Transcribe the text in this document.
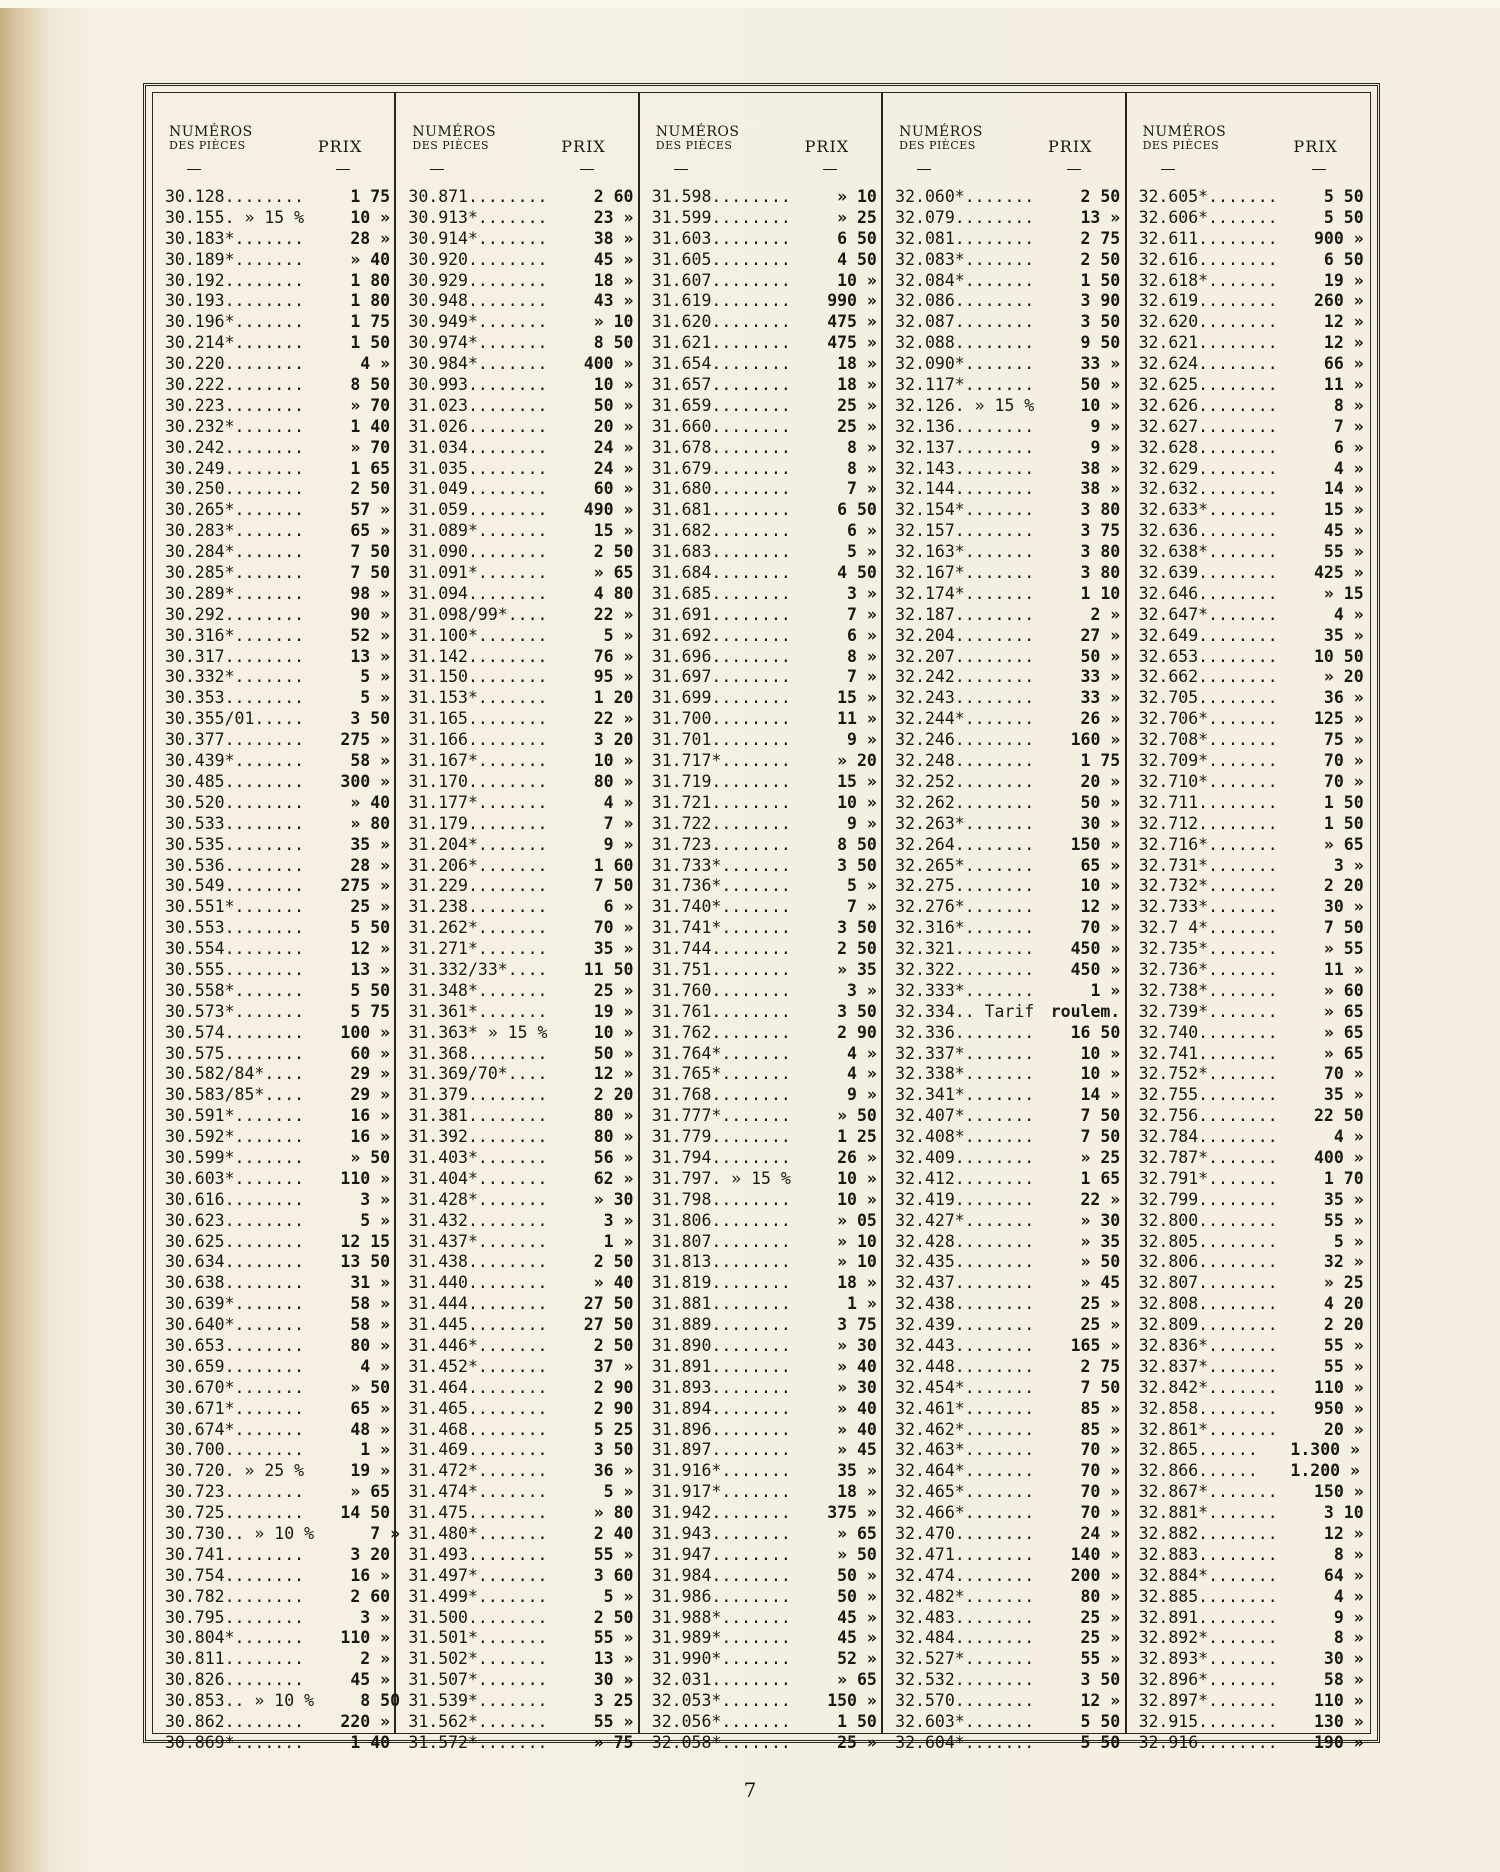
NUMÉROS
DES PIÈCES	PRIX
30.128........	1 75
30.155. » 15 %	10 »
30.183*.......	28 »
30.189*.......	» 40
30.192........	1 80
30.193........	1 80
30.196*.......	1 75
30.214*.......	1 50
30.220........	4 »
30.222........	8 50
30.223........	» 70
30.232*.......	1 40
30.242........	» 70
30.249........	1 65
30.250........	2 50
30.265*.......	57 »
30.283*.......	65 »
30.284*.......	7 50
30.285*.......	7 50
30.289*.......	98 »
30.292........	90 »
30.316*.......	52 »
30.317........	13 »
30.332*.......	5 »
30.353........	5 »
30.355/01.....	3 50
30.377........	275 »
30.439*.......	58 »
30.485........	300 »
30.520........	» 40
30.533........	» 80
30.535........	35 »
30.536........	28 »
30.549........	275 »
30.551*.......	25 »
30.553........	5 50
30.554........	12 »
30.555........	13 »
30.558*.......	5 50
30.573*.......	5 75
30.574........	100 »
30.575........	60 »
30.582/84*....	29 »
30.583/85*....	29 »
30.591*.......	16 »
30.592*.......	16 »
30.599*.......	» 50
30.603*.......	110 »
30.616........	3 »
30.623........	5 »
30.625........	12 15
30.634........	13 50
30.638........	31 »
30.639*.......	58 »
30.640*.......	58 »
30.653........	80 »
30.659........	4 »
30.670*.......	» 50
30.671*.......	65 »
30.674*.......	48 »
30.700........	1 »
30.720. » 25 %	19 »
30.723........	» 65
30.725........	14 50
30.730.. » 10 %	7 »
30.741........	3 20
30.754........	16 »
30.782........	2 60
30.795........	3 »
30.804*.......	110 »
30.811........	2 »
30.826........	45 »
30.853.. » 10 %	8 50
30.862........	220 »
30.869*.......	1 40
NUMÉROS
DES PIÈCES	PRIX
30.871........	2 60
30.913*.......	23 »
30.914*.......	38 »
30.920........	45 »
30.929........	18 »
30.948........	43 »
30.949*.......	» 10
30.974*.......	8 50
30.984*.......	400 »
30.993........	10 »
31.023........	50 »
31.026........	20 »
31.034........	24 »
31.035........	24 »
31.049........	60 »
31.059........	490 »
31.089*.......	15 »
31.090........	2 50
31.091*.......	» 65
31.094........	4 80
31.098/99*....	22 »
31.100*.......	5 »
31.142........	76 »
31.150........	95 »
31.153*.......	1 20
31.165........	22 »
31.166........	3 20
31.167*.......	10 »
31.170........	80 »
31.177*.......	4 »
31.179........	7 »
31.204*.......	9 »
31.206*.......	1 60
31.229........	7 50
31.238........	6 »
31.262*.......	70 »
31.271*.......	35 »
31.332/33*....	11 50
31.348*.......	25 »
31.361*.......	19 »
31.363* » 15 %	10 »
31.368........	50 »
31.369/70*....	12 »
31.379........	2 20
31.381........	80 »
31.392........	80 »
31.403*.......	56 »
31.404*.......	62 »
31.428*.......	» 30
31.432........	3 »
31.437*.......	1 »
31.438........	2 50
31.440........	» 40
31.444........	27 50
31.445........	27 50
31.446*.......	2 50
31.452*.......	37 »
31.464........	2 90
31.465........	2 90
31.468........	5 25
31.469........	3 50
31.472*.......	36 »
31.474*.......	5 »
31.475........	» 80
31.480*.......	2 40
31.493........	55 »
31.497*.......	3 60
31.499*.......	5 »
31.500........	2 50
31.501*.......	55 »
31.502*.......	13 »
31.507*.......	30 »
31.539*.......	3 25
31.562*.......	55 »
31.572*.......	» 75
NUMÉROS
DES PIÈCES	PRIX
31.598........	» 10
31.599........	» 25
31.603........	6 50
31.605........	4 50
31.607........	10 »
31.619........	990 »
31.620........	475 »
31.621........	475 »
31.654........	18 »
31.657........	18 »
31.659........	25 »
31.660........	25 »
31.678........	8 »
31.679........	8 »
31.680........	7 »
31.681........	6 50
31.682........	6 »
31.683........	5 »
31.684........	4 50
31.685........	3 »
31.691........	7 »
31.692........	6 »
31.696........	8 »
31.697........	7 »
31.699........	15 »
31.700........	11 »
31.701........	9 »
31.717*.......	» 20
31.719........	15 »
31.721........	10 »
31.722........	9 »
31.723........	8 50
31.733*.......	3 50
31.736*.......	5 »
31.740*.......	7 »
31.741*.......	3 50
31.744........	2 50
31.751........	» 35
31.760........	3 »
31.761........	3 50
31.762........	2 90
31.764*.......	4 »
31.765*.......	4 »
31.768........	9 »
31.777*.......	» 50
31.779........	1 25
31.794........	26 »
31.797. » 15 %	10 »
31.798........	10 »
31.806........	» 05
31.807........	» 10
31.813........	» 10
31.819........	18 »
31.881........	1 »
31.889........	3 75
31.890........	» 30
31.891........	» 40
31.893........	» 30
31.894........	» 40
31.896........	» 40
31.897........	» 45
31.916*.......	35 »
31.917*.......	18 »
31.942........	375 »
31.943........	» 65
31.947........	» 50
31.984........	50 »
31.986........	50 »
31.988*.......	45 »
31.989*.......	45 »
31.990*.......	52 »
32.031........	» 65
32.053*.......	150 »
32.056*.......	1 50
32.058*.......	25 »
NUMÉROS
DES PIÈCES	PRIX
32.060*.......	2 50
32.079........	13 »
32.081........	2 75
32.083*.......	2 50
32.084*.......	1 50
32.086........	3 90
32.087........	3 50
32.088........	9 50
32.090*.......	33 »
32.117*.......	50 »
32.126. » 15 %	10 »
32.136........	9 »
32.137........	9 »
32.143........	38 »
32.144........	38 »
32.154*.......	3 80
32.157........	3 75
32.163*.......	3 80
32.167*.......	3 80
32.174*.......	1 10
32.187........	2 »
32.204........	27 »
32.207........	50 »
32.242........	33 »
32.243........	33 »
32.244*.......	26 »
32.246........	160 »
32.248........	1 75
32.252........	20 »
32.262........	50 »
32.263*.......	30 »
32.264........	150 »
32.265*.......	65 »
32.275........	10 »
32.276*.......	12 »
32.316*.......	70 »
32.321........	450 »
32.322........	450 »
32.333*.......	1 »
32.334.. Tarif roulem.
32.336........	16 50
32.337*.......	10 »
32.338*.......	10 »
32.341*.......	14 »
32.407*.......	7 50
32.408*.......	7 50
32.409........	» 25
32.412........	1 65
32.419........	22 »
32.427*.......	» 30
32.428........	» 35
32.435........	» 50
32.437........	» 45
32.438........	25 »
32.439........	25 »
32.443........	165 »
32.448........	2 75
32.454*.......	7 50
32.461*.......	85 »
32.462*.......	85 »
32.463*.......	70 »
32.464*.......	70 »
32.465*.......	70 »
32.466*.......	70 »
32.470........	24 »
32.471........	140 »
32.474........	200 »
32.482*.......	80 »
32.483........	25 »
32.484........	25 »
32.527*.......	55 »
32.532........	3 50
32.570........	12 »
32.603*.......	5 50
32.604*.......	5 50
NUMÉROS
DES PIÈCES	PRIX
32.605*.......	5 50
32.606*.......	5 50
32.611........	900 »
32.616........	6 50
32.618*.......	19 »
32.619........	260 »
32.620........	12 »
32.621........	12 »
32.624........	66 »
32.625........	11 »
32.626........	8 »
32.627........	7 »
32.628........	6 »
32.629........	4 »
32.632........	14 »
32.633*.......	15 »
32.636........	45 »
32.638*.......	55 »
32.639........	425 »
32.646........	» 15
32.647*.......	4 »
32.649........	35 »
32.653........	10 50
32.662........	» 20
32.705........	36 »
32.706*.......	125 »
32.708*.......	75 »
32.709*.......	70 »
32.710*.......	70 »
32.711........	1 50
32.712........	1 50
32.716*.......	» 65
32.731*.......	3 »
32.732*.......	2 20
32.733*.......	30 »
32.7 4*.......	7 50
32.735*.......	» 55
32.736*.......	11 »
32.738*.......	» 60
32.739*.......	» 65
32.740........	» 65
32.741........	» 65
32.752*.......	70 »
32.755........	35 »
32.756........	22 50
32.784........	4 »
32.787*.......	400 »
32.791*.......	1 70
32.799........	35 »
32.800........	55 »
32.805........	5 »
32.806........	32 »
32.807........	» 25
32.808........	4 20
32.809........	2 20
32.836*.......	55 »
32.837*.......	55 »
32.842*.......	110 »
32.858........	950 »
32.861*.......	20 »
32.865......	1.300 »
32.866......	1.200 »
32.867*.......	150 »
32.881*.......	3 10
32.882........	12 »
32.883........	8 »
32.884*.......	64 »
32.885........	4 »
32.891........	9 »
32.892*.......	8 »
32.893*.......	30 »
32.896*.......	58 »
32.897*.......	110 »
32.915........	130 »
32.916........	190 »
7
